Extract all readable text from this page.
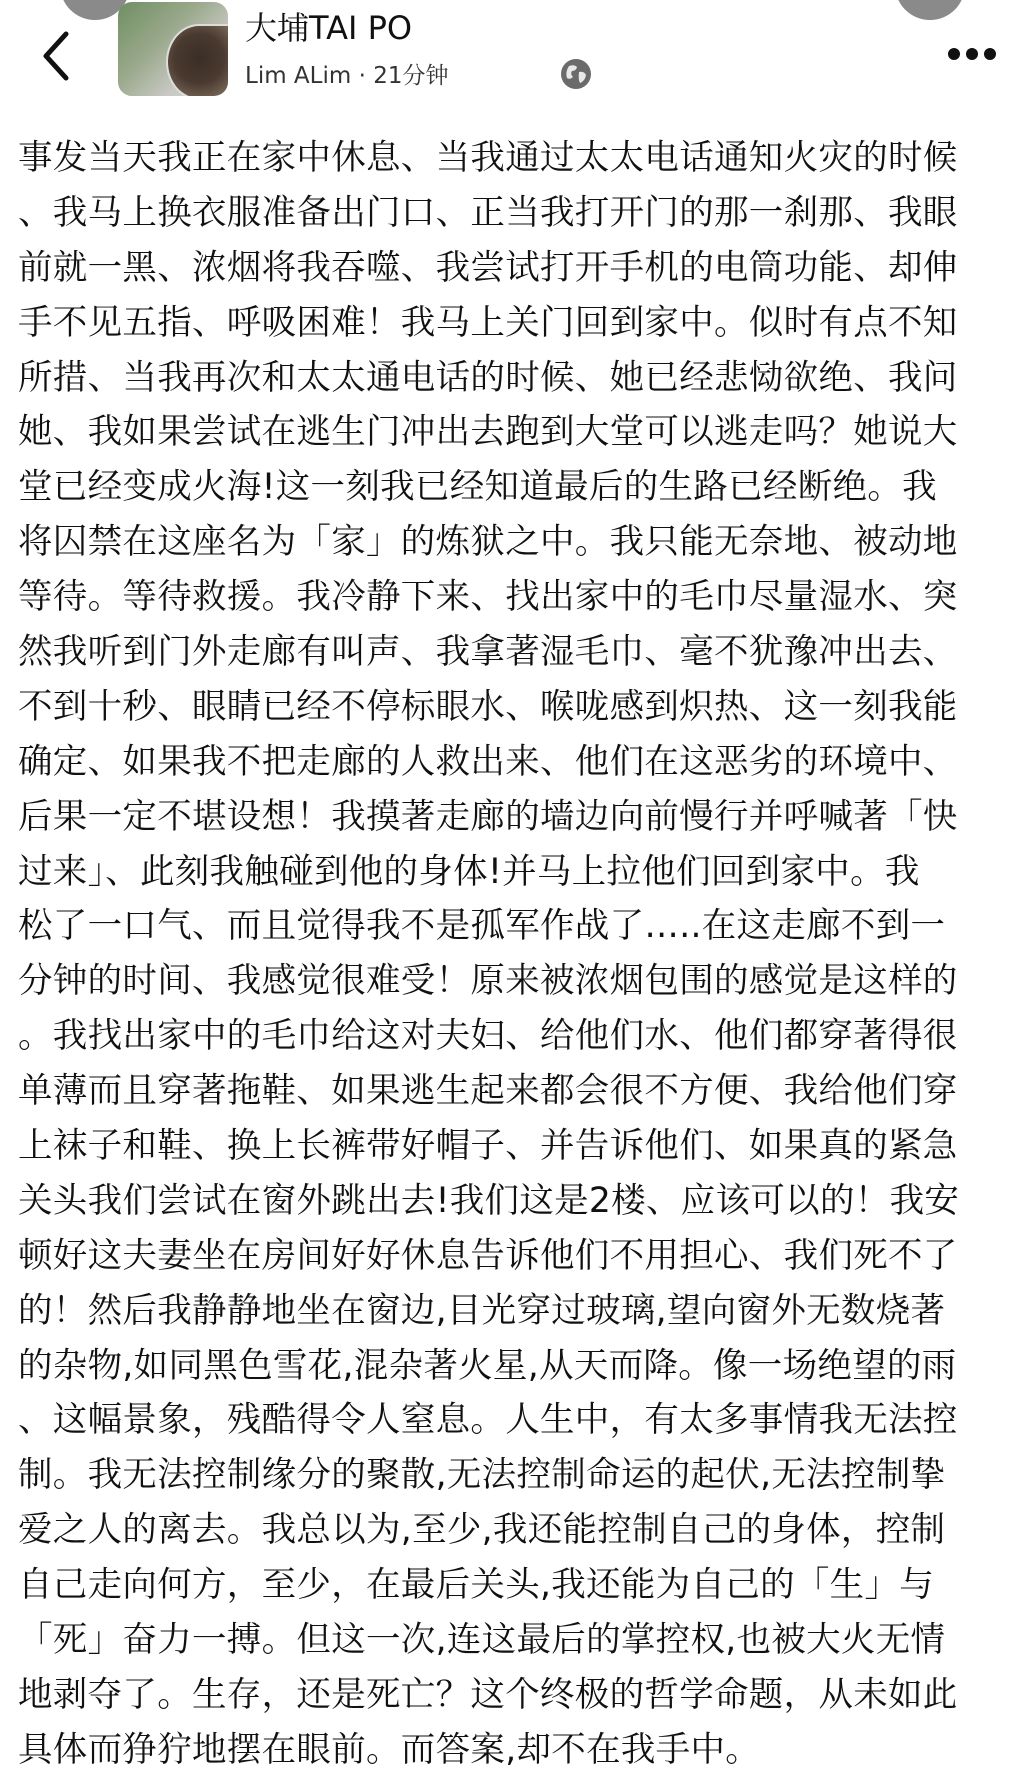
大埔TAI PO
Lim ALim · 21分钟
事发当天我正在家中休息、当我通过太太电话通知火灾的时候
、我马上换衣服准备出门口、正当我打开门的那一刹那、我眼
前就一黑、浓烟将我吞噬、我尝试打开手机的电筒功能、却伸
手不见五指、呼吸困难！我马上关门回到家中。似时有点不知
所措、当我再次和太太通电话的时候、她已经悲恸欲绝、我问
她、我如果尝试在逃生门冲出去跑到大堂可以逃走吗？她说大
堂已经变成火海!这一刻我已经知道最后的生路已经断绝。我
将囚禁在这座名为「家」的炼狱之中。我只能无奈地、被动地
等待。等待救援。我冷静下来、找出家中的毛巾尽量湿水、突
然我听到门外走廊有叫声、我拿著湿毛巾、毫不犹豫冲出去、
不到十秒、眼睛已经不停标眼水、喉咙感到炽热、这一刻我能
确定、如果我不把走廊的人救出来、他们在这恶劣的环境中、
后果一定不堪设想！我摸著走廊的墙边向前慢行并呼喊著「快
过来」、此刻我触碰到他的身体!并马上拉他们回到家中。我
松了一口气、而且觉得我不是孤军作战了…..在这走廊不到一
分钟的时间、我感觉很难受！原来被浓烟包围的感觉是这样的
。我找出家中的毛巾给这对夫妇、给他们水、他们都穿著得很
单薄而且穿著拖鞋、如果逃生起来都会很不方便、我给他们穿
上袜子和鞋、换上长裤带好帽子、并告诉他们、如果真的紧急
关头我们尝试在窗外跳出去!我们这是2楼、应该可以的！我安
顿好这夫妻坐在房间好好休息告诉他们不用担心、我们死不了
的！然后我静静地坐在窗边,目光穿过玻璃,望向窗外无数烧著
的杂物,如同黑色雪花,混杂著火星,从天而降。像一场绝望的雨
、这幅景象，残酷得令人窒息。人生中，有太多事情我无法控
制。我无法控制缘分的聚散,无法控制命运的起伏,无法控制挚
爱之人的离去。我总以为,至少,我还能控制自己的身体，控制
自己走向何方，至少，在最后关头,我还能为自己的「生」与
「死」奋力一搏。但这一次,连这最后的掌控权,也被大火无情
地剥夺了。生存，还是死亡？这个终极的哲学命题，从未如此
具体而狰狞地摆在眼前。而答案,却不在我手中。
